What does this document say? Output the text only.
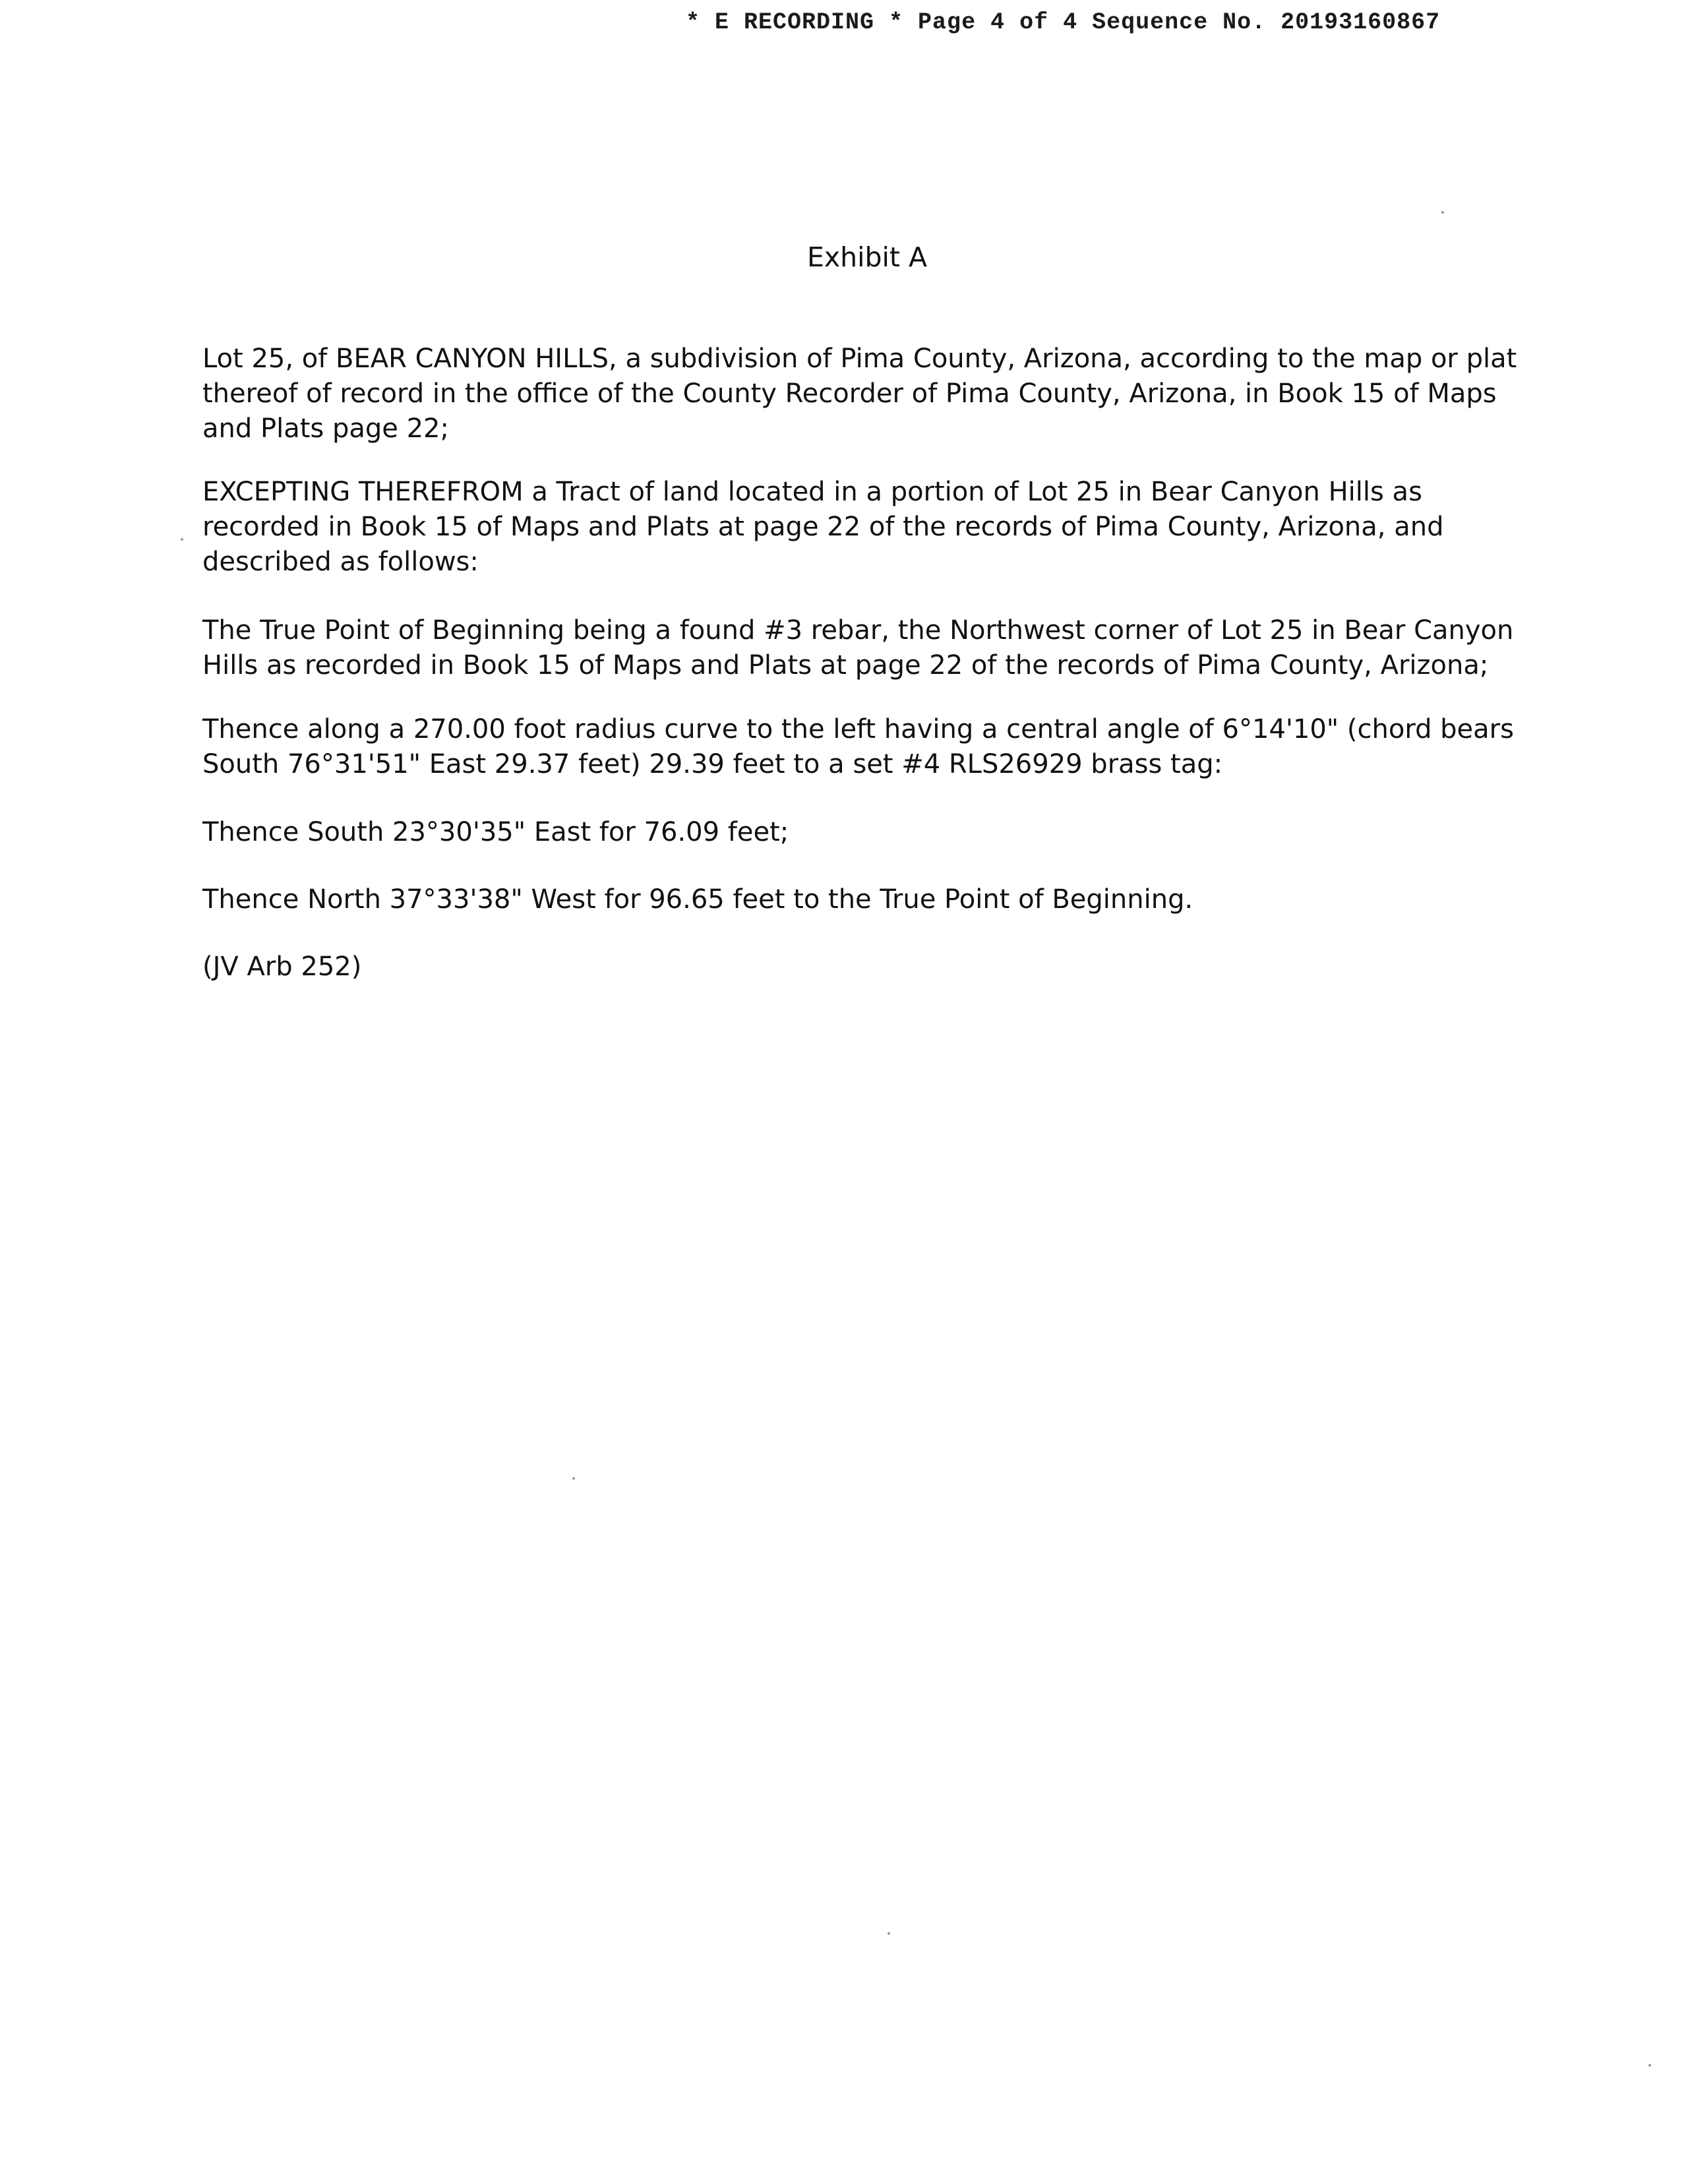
* E RECORDING * Page 4 of 4 Sequence No. 20193160867
Exhibit A

Lot 25, of BEAR CANYON HILLS, a subdivision of Pima County, Arizona, according to the map or plat thereof of record in the office of the County Recorder of Pima County, Arizona, in Book 15 of Maps and Plats page 22;

EXCEPTING THEREFROM a Tract of land located in a portion of Lot 25 in Bear Canyon Hills as recorded in Book 15 of Maps and Plats at page 22 of the records of Pima County, Arizona, and described as follows:

The True Point of Beginning being a found #3 rebar, the Northwest corner of Lot 25 in Bear Canyon Hills as recorded in Book 15 of Maps and Plats at page 22 of the records of Pima County, Arizona;

Thence along a 270.00 foot radius curve to the left having a central angle of 6°14'10" (chord bears South 76°31'51" East 29.37 feet) 29.39 feet to a set #4 RLS26929 brass tag:

Thence South 23°30'35" East for 76.09 feet;

Thence North 37°33'38" West for 96.65 feet to the True Point of Beginning.

(JV Arb 252)
